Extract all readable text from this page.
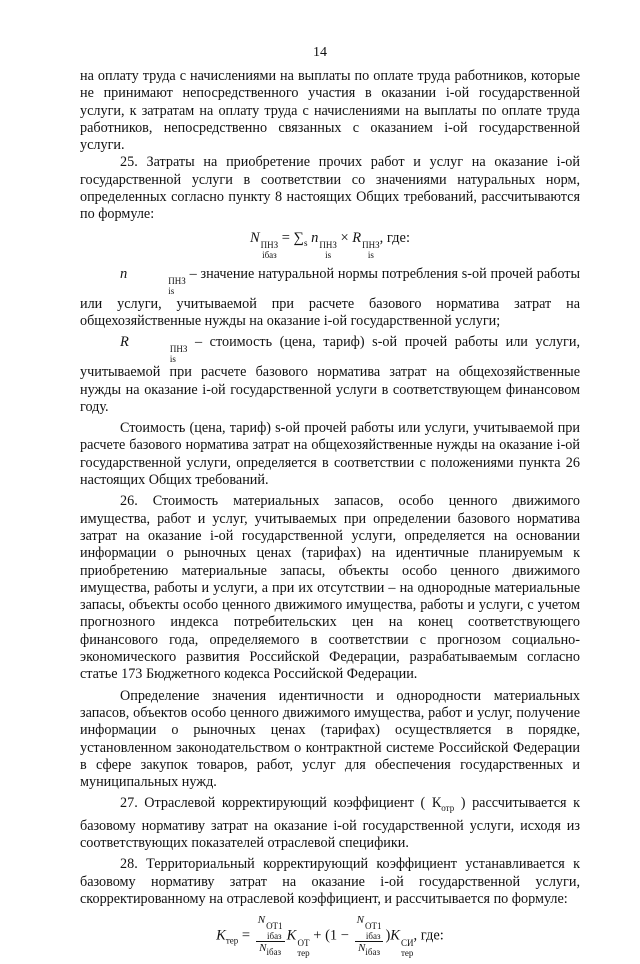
14

на оплату труда с начислениями на выплаты по оплате труда работников, которые не принимают непосредственного участия в оказании i-ой государственной услуги, к затратам на оплату труда с начислениями на выплаты по оплате труда работников, непосредственно связанных с оказанием i-ой государственной услуги.

25. Затраты на приобретение прочих работ и услуг на оказание i-ой государственной услуги в соответствии со значениями натуральных норм, определенных согласно пункту 8 настоящих Общих требований, рассчитываются по формуле:

N ПНЗ
iбаз
= $\sum_s$ n ПНЗ
is
× R ПНЗ
is
, где:

n	ПНЗ
is
– значение натуральной нормы потребления s-ой прочей работы или услуги, учитываемой при расчете базового норматива затрат на общехозяйственные нужды на оказание i-ой государственной услуги;

R	ПНЗ
is
– стоимость (цена, тариф) s-ой прочей работы или услуги, учитываемой при расчете базового норматива затрат на общехозяйственные нужды на оказание i-ой государственной услуги в соответствующем финансовом году.

Стоимость (цена, тариф) s-ой прочей работы или услуги, учитываемой при расчете базового норматива затрат на общехозяйственные нужды на оказание i-ой государственной услуги, определяется в соответствии с положениями пункта 26 настоящих Общих требований.

26. Стоимость материальных запасов, особо ценного движимого имущества, работ и услуг, учитываемых при определении базового норматива затрат на оказание i-ой государственной услуги, определяется на основании информации о рыночных ценах (тарифах) на идентичные планируемым к приобретению материальные запасы, объекты особо ценного движимого имущества, работы и услуги, а при их отсутствии – на однородные материальные запасы, объекты особо ценного движимого имущества, работы и услуги, с учетом прогнозного индекса потребительских цен на конец соответствующего финансового года, определяемого в соответствии с прогнозом социально-экономического развития Российской Федерации, разрабатываемым согласно статье 173 Бюджетного кодекса Российской Федерации.

Определение значения идентичности и однородности материальных запасов, объектов особо ценного движимого имущества, работ и услуг, получение информации о рыночных ценах (тарифах) осуществляется в порядке, установленном законодательством о контрактной системе Российской Федерации в сфере закупок товаров, работ, услуг для обеспечения государственных и муниципальных нужд.

27. Отраслевой корректирующий коэффициент ( $К_{отр}$ ) рассчитывается к базовому нормативу затрат на оказание i-ой государственной услуги, исходя из соответствующих показателей отраслевой специфики.

28. Территориальный корректирующий коэффициент устанавливается к базовому нормативу затрат на оказание i-ой государственной услуги, скорректированному на отраслевой коэффициент, и рассчитывается по формуле:

$K_{тер} = N$ ОТ1
iбаз
$N_{iбаз}$ K ОТ
тер
+ (1 − N ОТ1
iбаз
$N_{iбаз}$ )K СИ
тер
, где:
